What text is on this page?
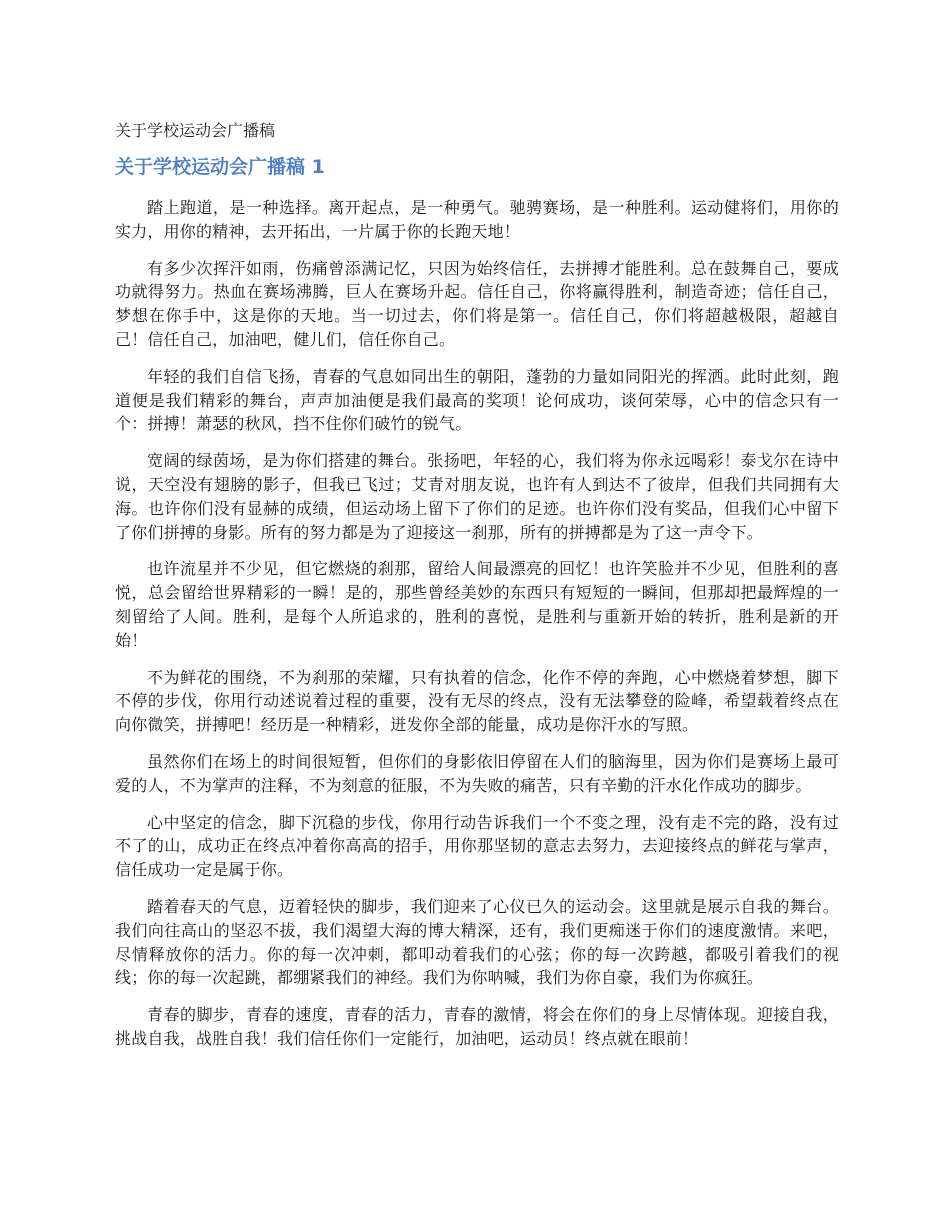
关于学校运动会广播稿
关于学校运动会广播稿 1

踏上跑道，是一种选择。离开起点，是一种勇气。驰骋赛场，是一种胜利。运动健将们，用你的实力，用你的精神，去开拓出，一片属于你的长跑天地！

有多少次挥汗如雨，伤痛曾添满记忆，只因为始终信任，去拼搏才能胜利。总在鼓舞自己，要成功就得努力。热血在赛场沸腾，巨人在赛场升起。信任自己，你将赢得胜利，制造奇迹；信任自己，梦想在你手中，这是你的天地。当一切过去，你们将是第一。信任自己，你们将超越极限，超越自己！信任自己，加油吧，健儿们，信任你自己。

年轻的我们自信飞扬，青春的气息如同出生的朝阳，蓬勃的力量如同阳光的挥洒。此时此刻，跑道便是我们精彩的舞台，声声加油便是我们最高的奖项！论何成功，谈何荣辱，心中的信念只有一个：拼搏！萧瑟的秋风，挡不住你们破竹的锐气。

宽阔的绿茵场，是为你们搭建的舞台。张扬吧，年轻的心，我们将为你永远喝彩！泰戈尔在诗中说，天空没有翅膀的影子，但我已飞过；艾青对朋友说，也许有人到达不了彼岸，但我们共同拥有大海。也许你们没有显赫的成绩，但运动场上留下了你们的足迹。也许你们没有奖品，但我们心中留下了你们拼搏的身影。所有的努力都是为了迎接这一刹那，所有的拼搏都是为了这一声令下。

也许流星并不少见，但它燃烧的刹那，留给人间最漂亮的回忆！也许笑脸并不少见，但胜利的喜悦，总会留给世界精彩的一瞬！是的，那些曾经美妙的东西只有短短的一瞬间，但那却把最辉煌的一刻留给了人间。胜利，是每个人所追求的，胜利的喜悦，是胜利与重新开始的转折，胜利是新的开始！

不为鲜花的围绕，不为刹那的荣耀，只有执着的信念，化作不停的奔跑，心中燃烧着梦想，脚下不停的步伐，你用行动述说着过程的重要，没有无尽的终点，没有无法攀登的险峰，希望载着终点在向你微笑，拼搏吧！经历是一种精彩，迸发你全部的能量，成功是你汗水的写照。

虽然你们在场上的时间很短暂，但你们的身影依旧停留在人们的脑海里，因为你们是赛场上最可爱的人，不为掌声的注释，不为刻意的征服，不为失败的痛苦，只有辛勤的汗水化作成功的脚步。

心中坚定的信念，脚下沉稳的步伐，你用行动告诉我们一个不变之理，没有走不完的路，没有过不了的山，成功正在终点冲着你高高的招手，用你那坚韧的意志去努力，去迎接终点的鲜花与掌声，信任成功一定是属于你。

踏着春天的气息，迈着轻快的脚步，我们迎来了心仪已久的运动会。这里就是展示自我的舞台。我们向往高山的坚忍不拔，我们渴望大海的博大精深，还有，我们更痴迷于你们的速度激情。来吧，尽情释放你的活力。你的每一次冲刺，都叩动着我们的心弦；你的每一次跨越，都吸引着我们的视线；你的每一次起跳，都绷紧我们的神经。我们为你呐喊，我们为你自豪，我们为你疯狂。

青春的脚步，青春的速度，青春的活力，青春的激情，将会在你们的身上尽情体现。迎接自我，挑战自我，战胜自我！我们信任你们一定能行，加油吧，运动员！终点就在眼前！
